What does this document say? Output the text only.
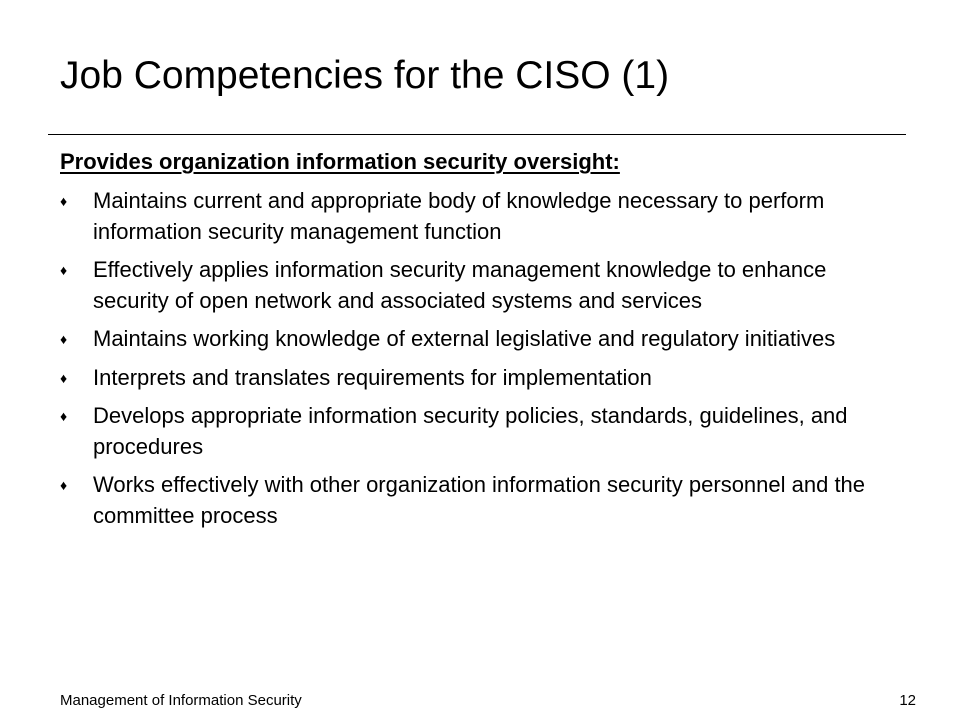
Job Competencies for the CISO (1)
Provides organization information security oversight:
♦	Maintains current and appropriate body of knowledge necessary to perform information security management function
♦	Effectively applies information security management knowledge to enhance security of open network and associated systems and services
♦	Maintains working knowledge of external legislative and regulatory initiatives
♦	Interprets and translates requirements for implementation
♦	Develops appropriate information security policies, standards, guidelines, and procedures
♦	Works effectively with other organization information security personnel and the committee process
Management of Information Security	12
